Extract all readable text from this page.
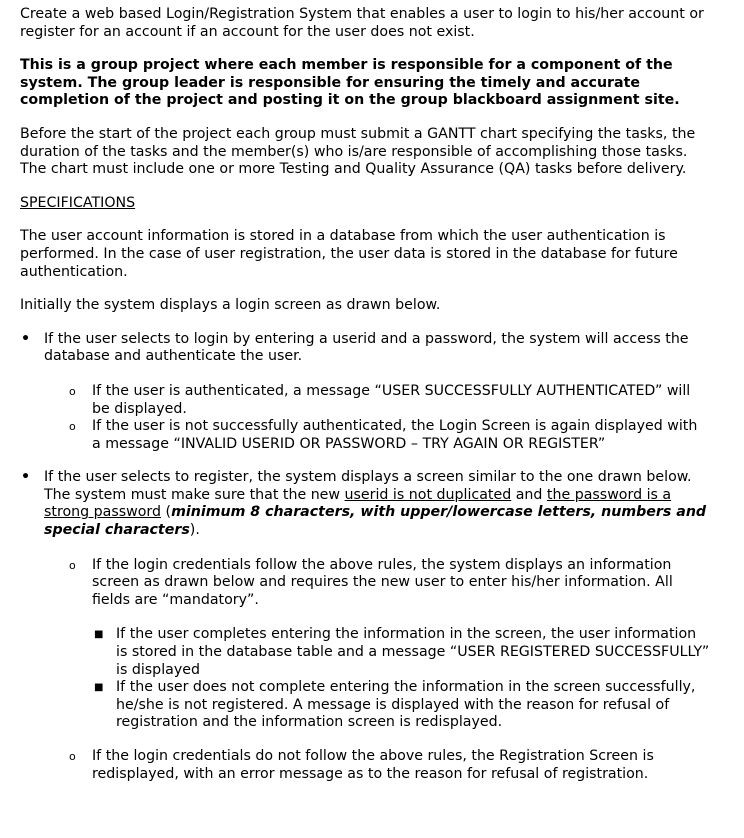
Create a web based Login/Registration System that enables a user to login to his/her account or register for an account if an account for the user does not exist.

This is a group project where each member is responsible for a component of the system. The group leader is responsible for ensuring the timely and accurate completion of the project and posting it on the group blackboard assignment site.

Before the start of the project each group must submit a GANTT chart specifying the tasks, the duration of the tasks and the member(s) who is/are responsible of accomplishing those tasks. The chart must include one or more Testing and Quality Assurance (QA) tasks before delivery.

SPECIFICATIONS

The user account information is stored in a database from which the user authentication is performed. In the case of user registration, the user data is stored in the database for future authentication.

Initially the system displays a login screen as drawn below.

• If the user selects to login by entering a userid and a password, the system will access the database and authenticate the user.
o If the user is authenticated, a message “USER SUCCESSFULLY AUTHENTICATED” will be displayed.
o If the user is not successfully authenticated, the Login Screen is again displayed with a message “INVALID USERID OR PASSWORD – TRY AGAIN OR REGISTER”
• If the user selects to register, the system displays a screen similar to the one drawn below. The system must make sure that the new userid is not duplicated and the password is a strong password (minimum 8 characters, with upper/lowercase letters, numbers and special characters).
o If the login credentials follow the above rules, the system displays an information screen as drawn below and requires the new user to enter his/her information. All fields are “mandatory”.
■ If the user completes entering the information in the screen, the user information is stored in the database table and a message “USER REGISTERED SUCCESSFULLY” is displayed
■ If the user does not complete entering the information in the screen successfully, he/she is not registered. A message is displayed with the reason for refusal of registration and the information screen is redisplayed.
o If the login credentials do not follow the above rules, the Registration Screen is redisplayed, with an error message as to the reason for refusal of registration.
